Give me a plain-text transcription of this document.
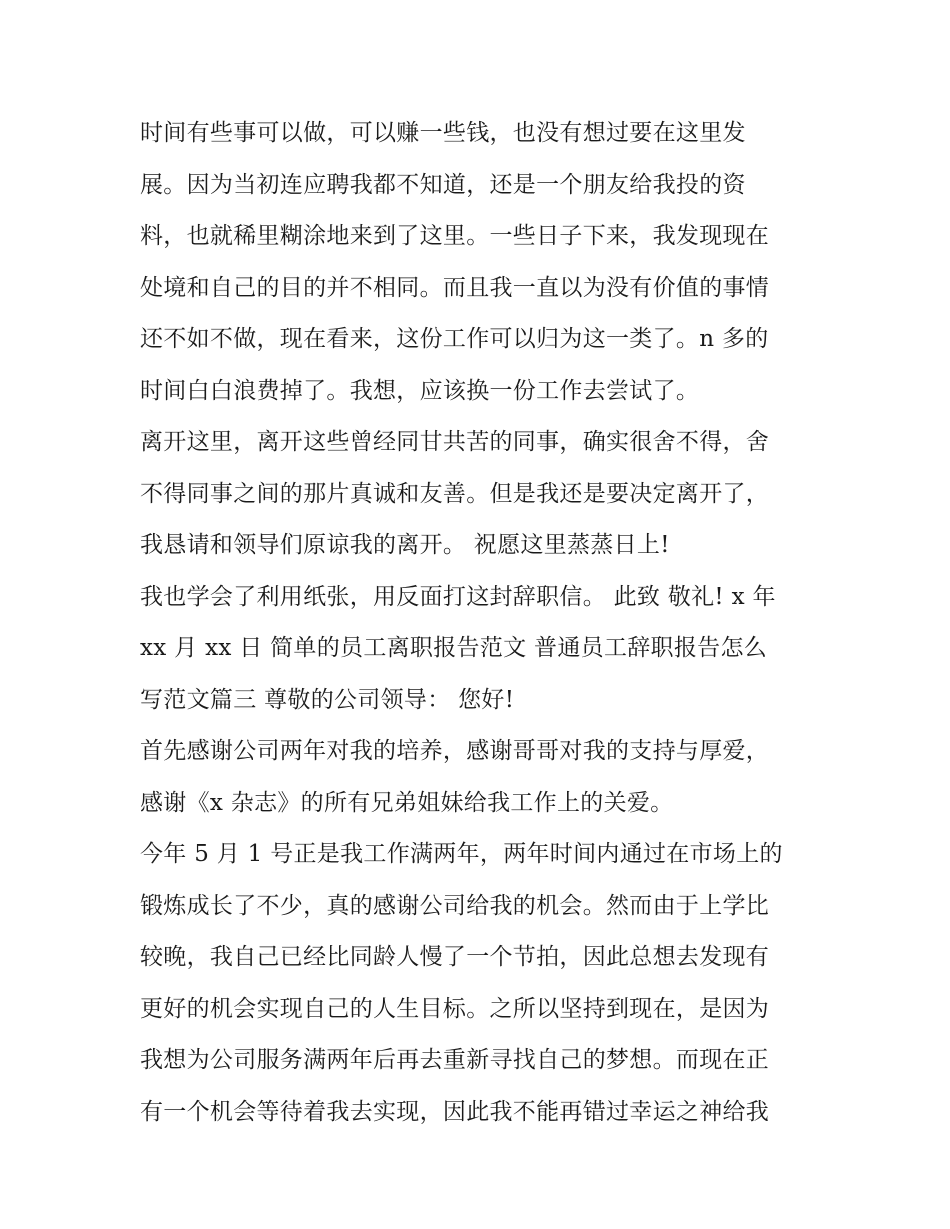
时间有些事可以做，可以赚一些钱，也没有想过要在这里发
展。因为当初连应聘我都不知道，还是一个朋友给我投的资
料，也就稀里糊涂地来到了这里。一些日子下来，我发现现在
处境和自己的目的并不相同。而且我一直以为没有价值的事情
还不如不做，现在看来，这份工作可以归为这一类了。n 多的
时间白白浪费掉了。我想，应该换一份工作去尝试了。
离开这里，离开这些曾经同甘共苦的同事，确实很舍不得，舍
不得同事之间的那片真诚和友善。但是我还是要决定离开了，
我恳请和领导们原谅我的离开。 祝愿这里蒸蒸日上!
我也学会了利用纸张，用反面打这封辞职信。 此致 敬礼! x 年
xx 月 xx 日 简单的员工离职报告范文 普通员工辞职报告怎么
写范文篇三 尊敬的公司领导： 您好!
首先感谢公司两年对我的培养，感谢哥哥对我的支持与厚爱，
感谢《x 杂志》的所有兄弟姐妹给我工作上的关爱。
今年 5 月 1 号正是我工作满两年，两年时间内通过在市场上的
锻炼成长了不少，真的感谢公司给我的机会。然而由于上学比
较晚，我自己已经比同龄人慢了一个节拍，因此总想去发现有
更好的机会实现自己的人生目标。之所以坚持到现在，是因为
我想为公司服务满两年后再去重新寻找自己的梦想。而现在正
有一个机会等待着我去实现，因此我不能再错过幸运之神给我
